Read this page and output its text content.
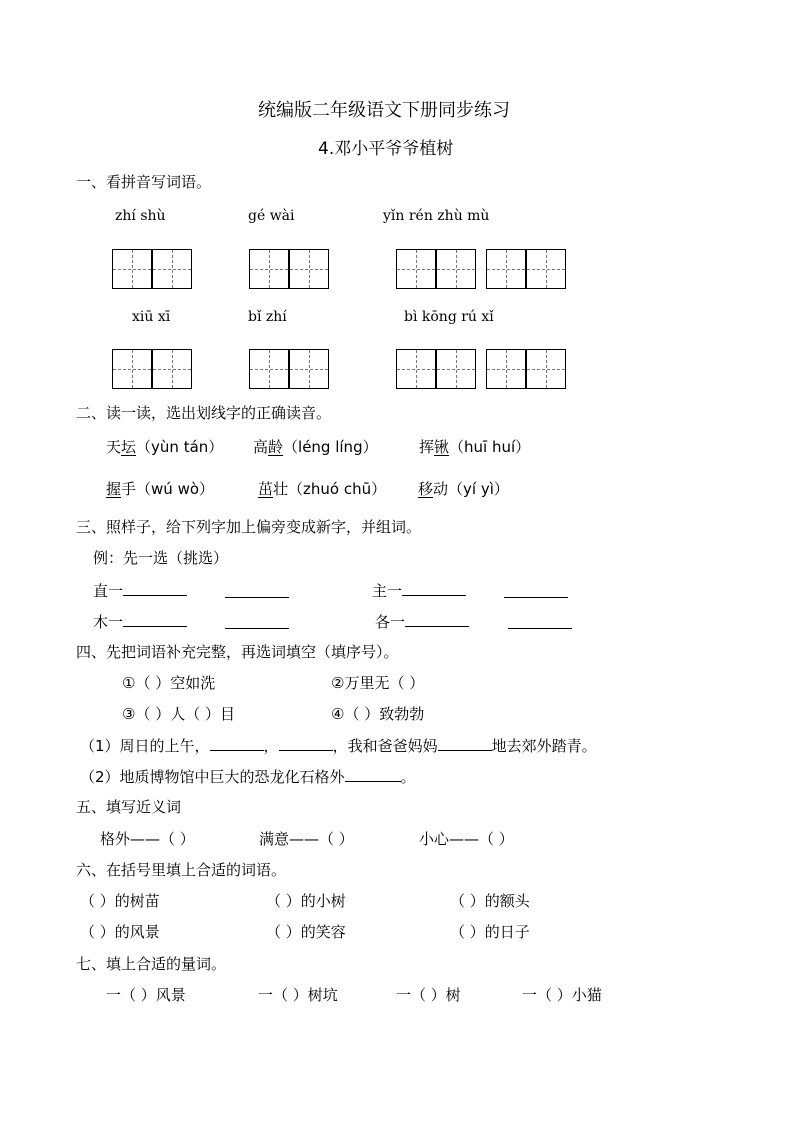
统编版二年级语文下册同步练习
4.邓小平爷爷植树
一、看拼音写词语。
zhí shù	gé wài	yǐn rén zhù mù
xiū xī	bǐ zhí	bì kōng rú xǐ
二、读一读，选出划线字的正确读音。
天坛（yùn tán） 高龄（léng líng）	挥锹（huī huí）
握手（wú wò）	茁壮（zhuó chū） 移动（yí yì）
三、照样子，给下列字加上偏旁变成新字，并组词。
例：先一选（挑选）
直一	主一
木一	各一
四、先把词语补充完整，再选词填空（填序号）。
①（ ）空如洗	②万里无（ ）
③（ ）人（ ）目	④（ ）致勃勃
（1）周日的上午，	，	，我和爸爸妈妈	地去郊外踏青。
（2）地质博物馆中巨大的恐龙化石格外	。
五、填写近义词
格外——（ ）	满意——（ ）	小心——（ ）
六、在括号里填上合适的词语。
（ ）的树苗	（ ）的小树	（ ）的额头
（ ）的风景	（ ）的笑容	（ ）的日子
七、填上合适的量词。
一（ ）风景	一（ ）树坑	一（ ）树	一（ ）小猫
